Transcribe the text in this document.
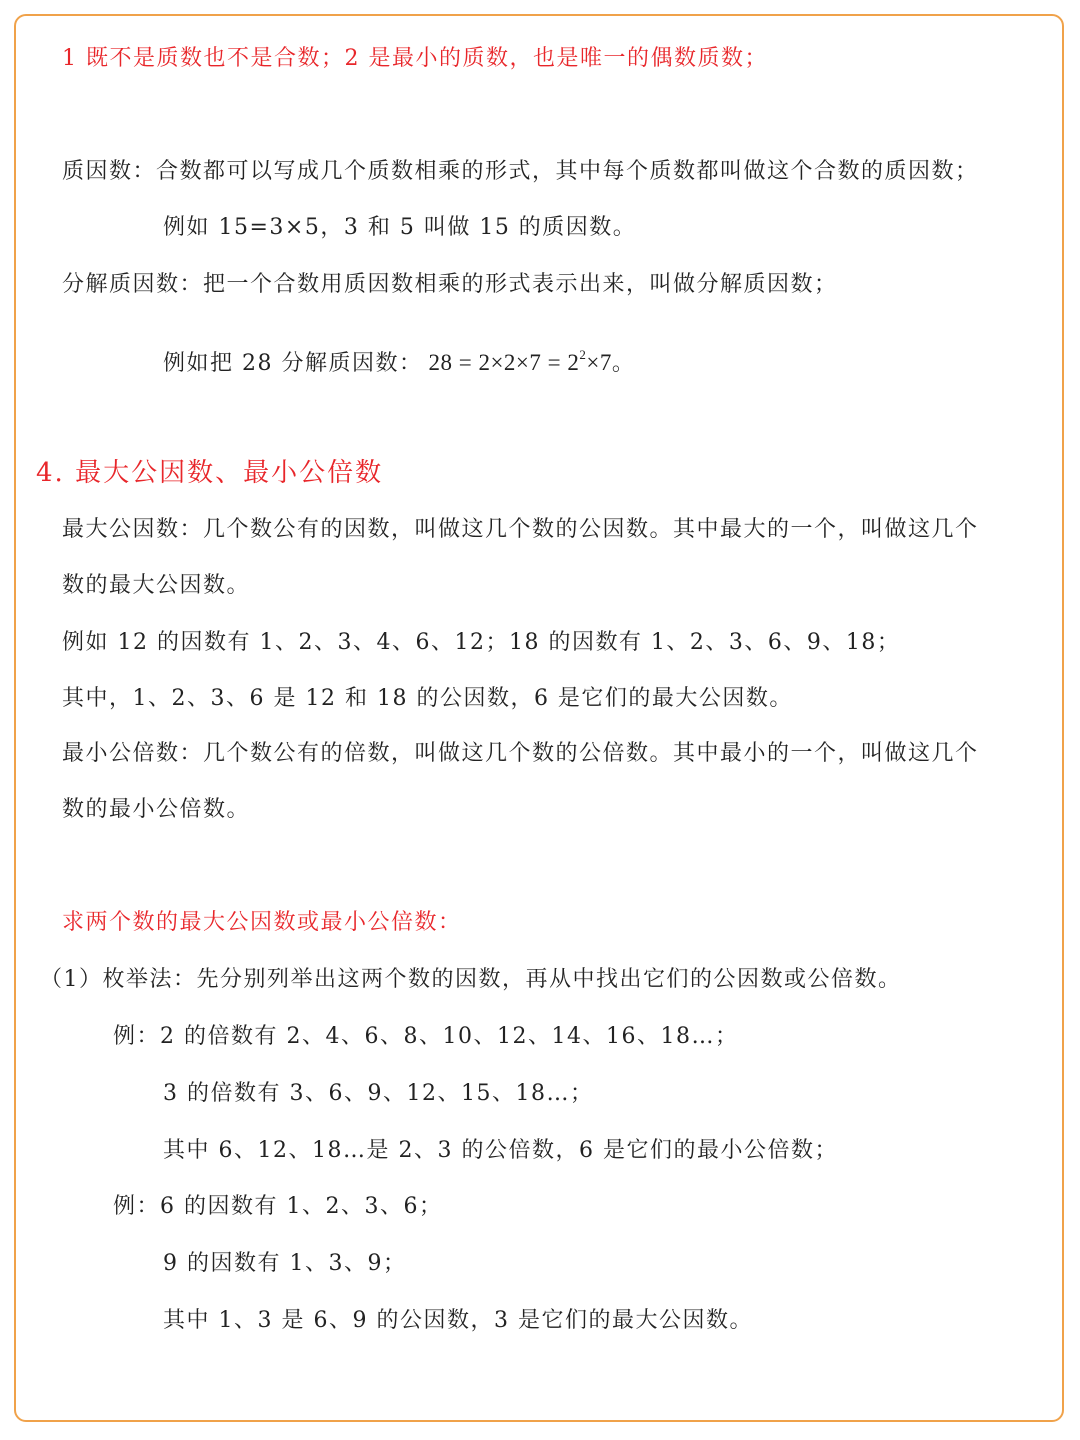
1 既不是质数也不是合数；2 是最小的质数，也是唯一的偶数质数；
质因数：合数都可以写成几个质数相乘的形式，其中每个质数都叫做这个合数的质因数；
例如 15=3×5，3 和 5 叫做 15 的质因数。
分解质因数：把一个合数用质因数相乘的形式表示出来，叫做分解质因数；
例如把 28 分解质因数： $28 = 2\times 2\times 7 = 2^2\times 7$。
4. 最大公因数、最小公倍数
最大公因数：几个数公有的因数，叫做这几个数的公因数。其中最大的一个，叫做这几个
数的最大公因数。
例如 12 的因数有 1、2、3、4、6、12；18 的因数有 1、2、3、6、9、18；
其中，1、2、3、6 是 12 和 18 的公因数，6 是它们的最大公因数。
最小公倍数：几个数公有的倍数，叫做这几个数的公倍数。其中最小的一个，叫做这几个
数的最小公倍数。
求两个数的最大公因数或最小公倍数：
（1）枚举法：先分别列举出这两个数的因数，再从中找出它们的公因数或公倍数。
例：2 的倍数有 2、4、6、8、10、12、14、16、18…；
3 的倍数有 3、6、9、12、15、18…；
其中 6、12、18…是 2、3 的公倍数，6 是它们的最小公倍数；
例：6 的因数有 1、2、3、6；
9 的因数有 1、3、9；
其中 1、3 是 6、9 的公因数，3 是它们的最大公因数。
